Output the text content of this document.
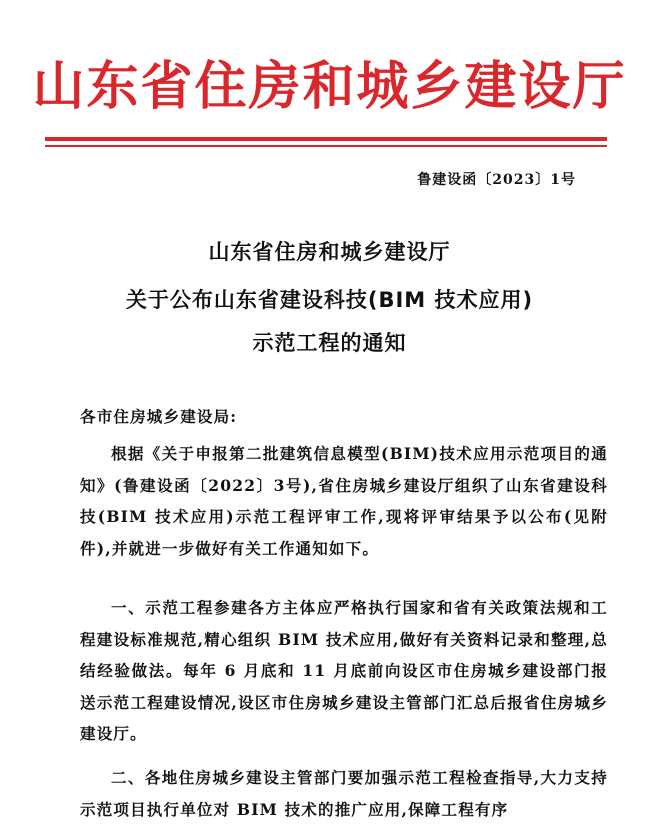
山东省住房和城乡建设厅
鲁建设函〔2023〕1号
山东省住房和城乡建设厅
关于公布山东省建设科技(BIM 技术应用)
示范工程的通知
各市住房城乡建设局:
根据《关于申报第二批建筑信息模型(BIM)技术应用示范项目的通知》(鲁建设函〔2022〕3号),省住房城乡建设厅组织了山东省建设科技(BIM 技术应用)示范工程评审工作,现将评审结果予以公布(见附件),并就进一步做好有关工作通知如下。
一、示范工程参建各方主体应严格执行国家和省有关政策法规和工程建设标准规范,精心组织 BIM 技术应用,做好有关资料记录和整理,总结经验做法。每年 6 月底和 11 月底前向设区市住房城乡建设部门报送示范工程建设情况,设区市住房城乡建设主管部门汇总后报省住房城乡建设厅。
二、各地住房城乡建设主管部门要加强示范工程检查指导,大力支持示范项目执行单位对 BIM 技术的推广应用,保障工程有序
